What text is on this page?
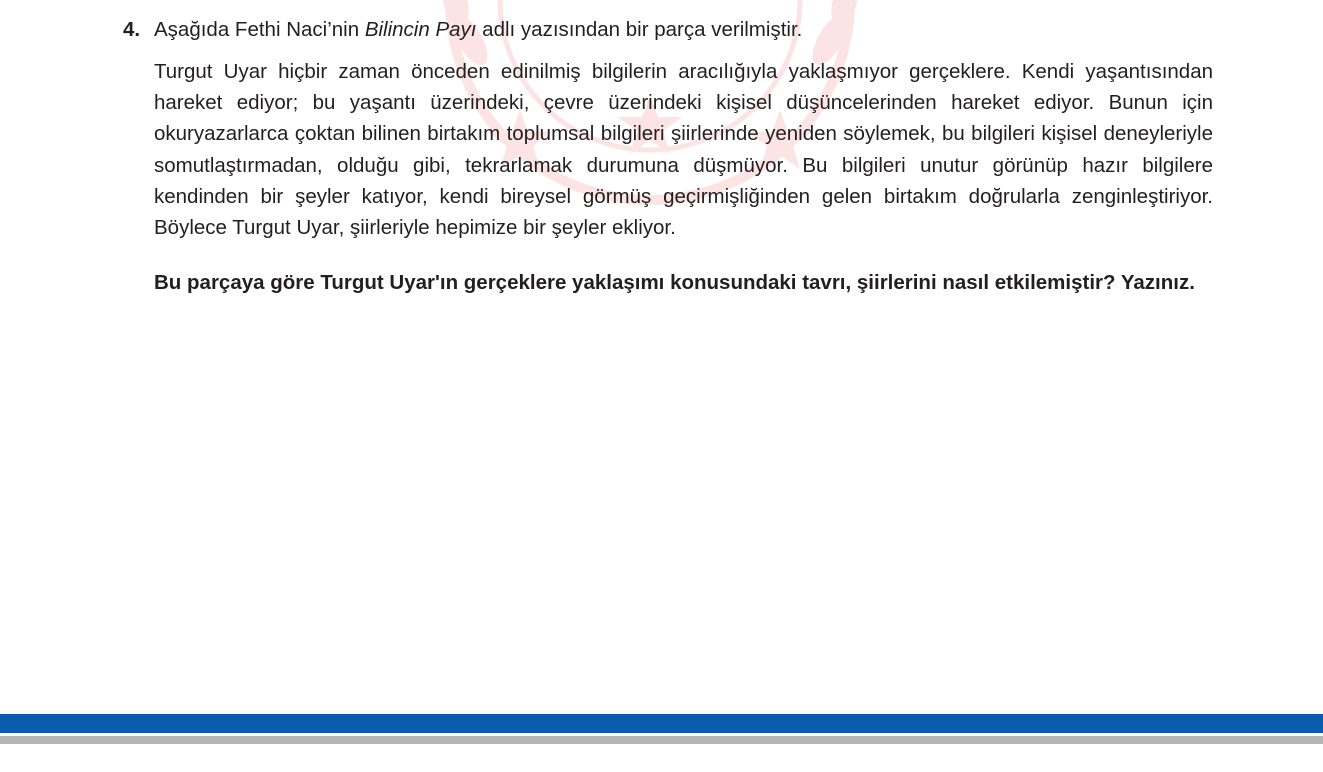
4. Aşağıda Fethi Naci’nin Bilincin Payı adlı yazısından bir parça verilmiştir.
Turgut Uyar hiçbir zaman önceden edinilmiş bilgilerin aracılığıyla yaklaşmıyor gerçeklere. Kendi yaşantısından hareket ediyor; bu yaşantı üzerindeki, çevre üzerindeki kişisel düşüncelerinden hareket ediyor. Bunun için okuryazarlarca çoktan bilinen birtakım toplumsal bilgileri şiirlerinde yeniden söylemek, bu bilgileri kişisel deneyleriyle somutlaştırmadan, olduğu gibi, tekrarlamak durumuna düşmüyor. Bu bilgileri unutur görünüp hazır bilgilere kendinden bir şeyler katıyor, kendi bireysel görmüş geçirmişliğinden gelen birtakım doğrularla zenginleştiriyor. Böylece Turgut Uyar, şiirleriyle hepimize bir şeyler ekliyor.
Bu parçaya göre Turgut Uyar'ın gerçeklere yaklaşımı konusundaki tavrı, şiirlerini nasıl etkilemiştir? Yazınız.
